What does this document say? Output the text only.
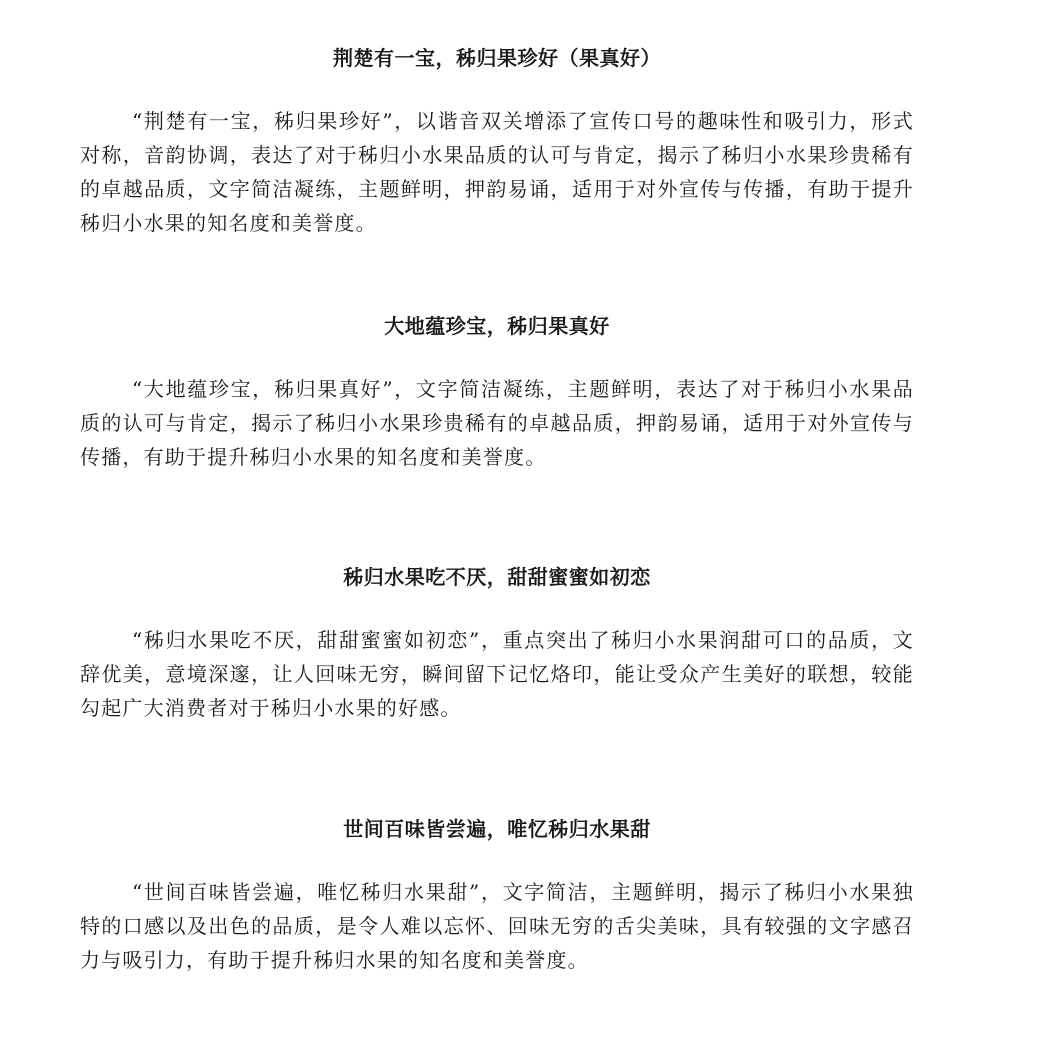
荆楚有一宝，秭归果珍好（果真好）

“荆楚有一宝，秭归果珍好”，以谐音双关增添了宣传口号的趣味性和吸引力，形式对称，音韵协调，表达了对于秭归小水果品质的认可与肯定，揭示了秭归小水果珍贵稀有的卓越品质，文字简洁凝练，主题鲜明，押韵易诵，适用于对外宣传与传播，有助于提升秭归小水果的知名度和美誉度。

大地蕴珍宝，秭归果真好

“大地蕴珍宝，秭归果真好”，文字简洁凝练，主题鲜明，表达了对于秭归小水果品质的认可与肯定，揭示了秭归小水果珍贵稀有的卓越品质，押韵易诵，适用于对外宣传与传播，有助于提升秭归小水果的知名度和美誉度。

秭归水果吃不厌，甜甜蜜蜜如初恋

“秭归水果吃不厌，甜甜蜜蜜如初恋”，重点突出了秭归小水果润甜可口的品质，文辞优美，意境深邃，让人回味无穷，瞬间留下记忆烙印，能让受众产生美好的联想，较能勾起广大消费者对于秭归小水果的好感。

世间百味皆尝遍，唯忆秭归水果甜

“世间百味皆尝遍，唯忆秭归水果甜”，文字简洁，主题鲜明，揭示了秭归小水果独特的口感以及出色的品质，是令人难以忘怀、回味无穷的舌尖美味，具有较强的文字感召力与吸引力，有助于提升秭归水果的知名度和美誉度。
